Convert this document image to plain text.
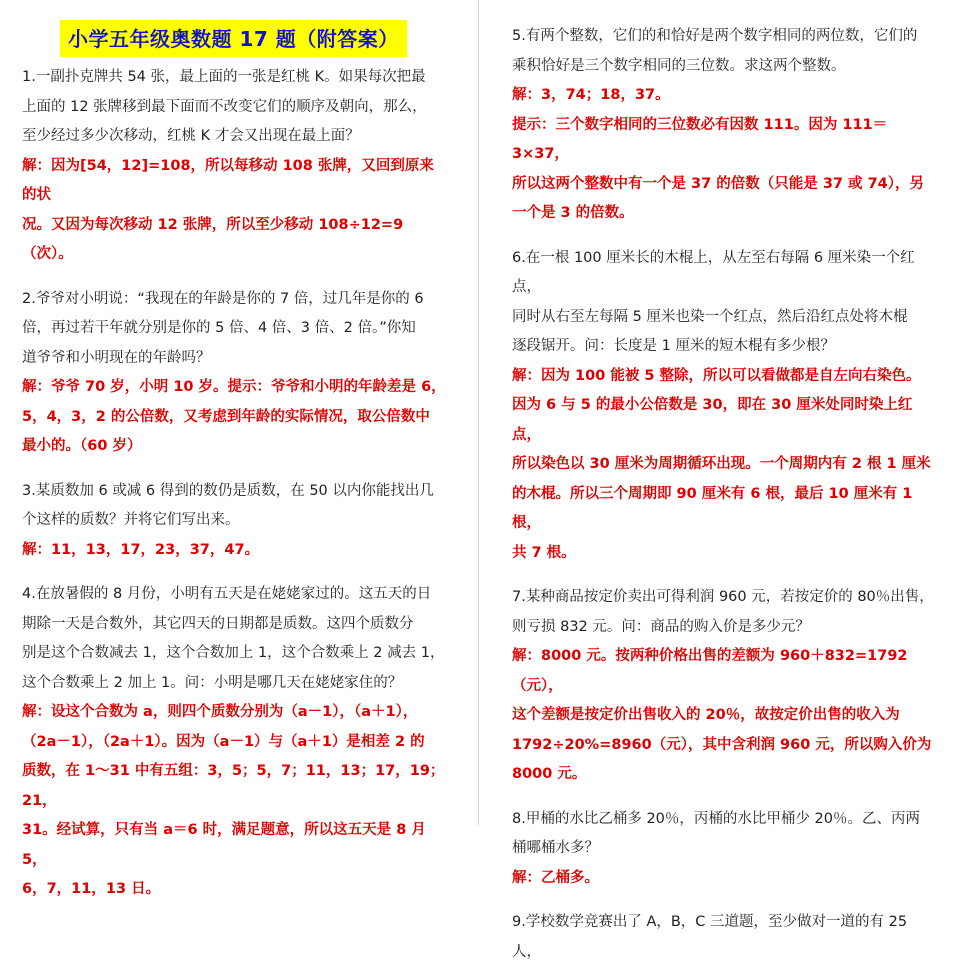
小学五年级奥数题 17 题（附答案）
1.一副扑克牌共 54 张，最上面的一张是红桃 K。如果每次把最
上面的 12 张牌移到最下面而不改变它们的顺序及朝向，那么，
至少经过多少次移动，红桃 K 才会又出现在最上面？
解：因为[54，12]=108，所以每移动 108 张牌，又回到原来的状
况。又因为每次移动 12 张牌，所以至少移动 108÷12=9（次）。
2.爷爷对小明说：“我现在的年龄是你的 7 倍，过几年是你的 6
倍，再过若干年就分别是你的 5 倍、4 倍、3 倍、2 倍。”你知
道爷爷和小明现在的年龄吗？
解：爷爷 70 岁，小明 10 岁。提示：爷爷和小明的年龄差是 6，
5，4，3，2 的公倍数，又考虑到年龄的实际情况，取公倍数中
最小的。（60 岁）
3.某质数加 6 或减 6 得到的数仍是质数，在 50 以内你能找出几
个这样的质数？并将它们写出来。
解：11，13，17，23，37，47。
4.在放暑假的 8 月份，小明有五天是在姥姥家过的。这五天的日
期除一天是合数外，其它四天的日期都是质数。这四个质数分
别是这个合数减去 1，这个合数加上 1，这个合数乘上 2 减去 1，
这个合数乘上 2 加上 1。问：小明是哪几天在姥姥家住的？
解：设这个合数为 a，则四个质数分别为（a－1），（a＋1），
（2a－1），（2a＋1）。因为（a－1）与（a＋1）是相差 2 的
质数，在 1～31 中有五组：3，5；5，7；11，13；17，19；21，
31。经试算，只有当 a＝6 时，满足题意，所以这五天是 8 月 5，
6，7，11，13 日。
5.有两个整数，它们的和恰好是两个数字相同的两位数，它们的
乘积恰好是三个数字相同的三位数。求这两个整数。
解：3，74；18，37。
提示：三个数字相同的三位数必有因数 111。因为 111＝3×37，
所以这两个整数中有一个是 37 的倍数（只能是 37 或 74），另
一个是 3 的倍数。
6.在一根 100 厘米长的木棍上，从左至右每隔 6 厘米染一个红点，
同时从右至左每隔 5 厘米也染一个红点，然后沿红点处将木棍
逐段锯开。问：长度是 1 厘米的短木棍有多少根？
解：因为 100 能被 5 整除，所以可以看做都是自左向右染色。
因为 6 与 5 的最小公倍数是 30，即在 30 厘米处同时染上红点，
所以染色以 30 厘米为周期循环出现。一个周期内有 2 根 1 厘米
的木棍。所以三个周期即 90 厘米有 6 根，最后 10 厘米有 1 根，
共 7 根。
7.某种商品按定价卖出可得利润 960 元，若按定价的 80％出售，
则亏损 832 元。问：商品的购入价是多少元？
解：8000 元。按两种价格出售的差额为 960＋832=1792（元），
这个差额是按定价出售收入的 20％，故按定价出售的收入为
1792÷20%=8960（元），其中含利润 960 元，所以购入价为
8000 元。
8.甲桶的水比乙桶多 20％，丙桶的水比甲桶少 20％。乙、丙两
桶哪桶水多？
解：乙桶多。
9.学校数学竞赛出了 A，B，C 三道题，至少做对一道的有 25 人，
